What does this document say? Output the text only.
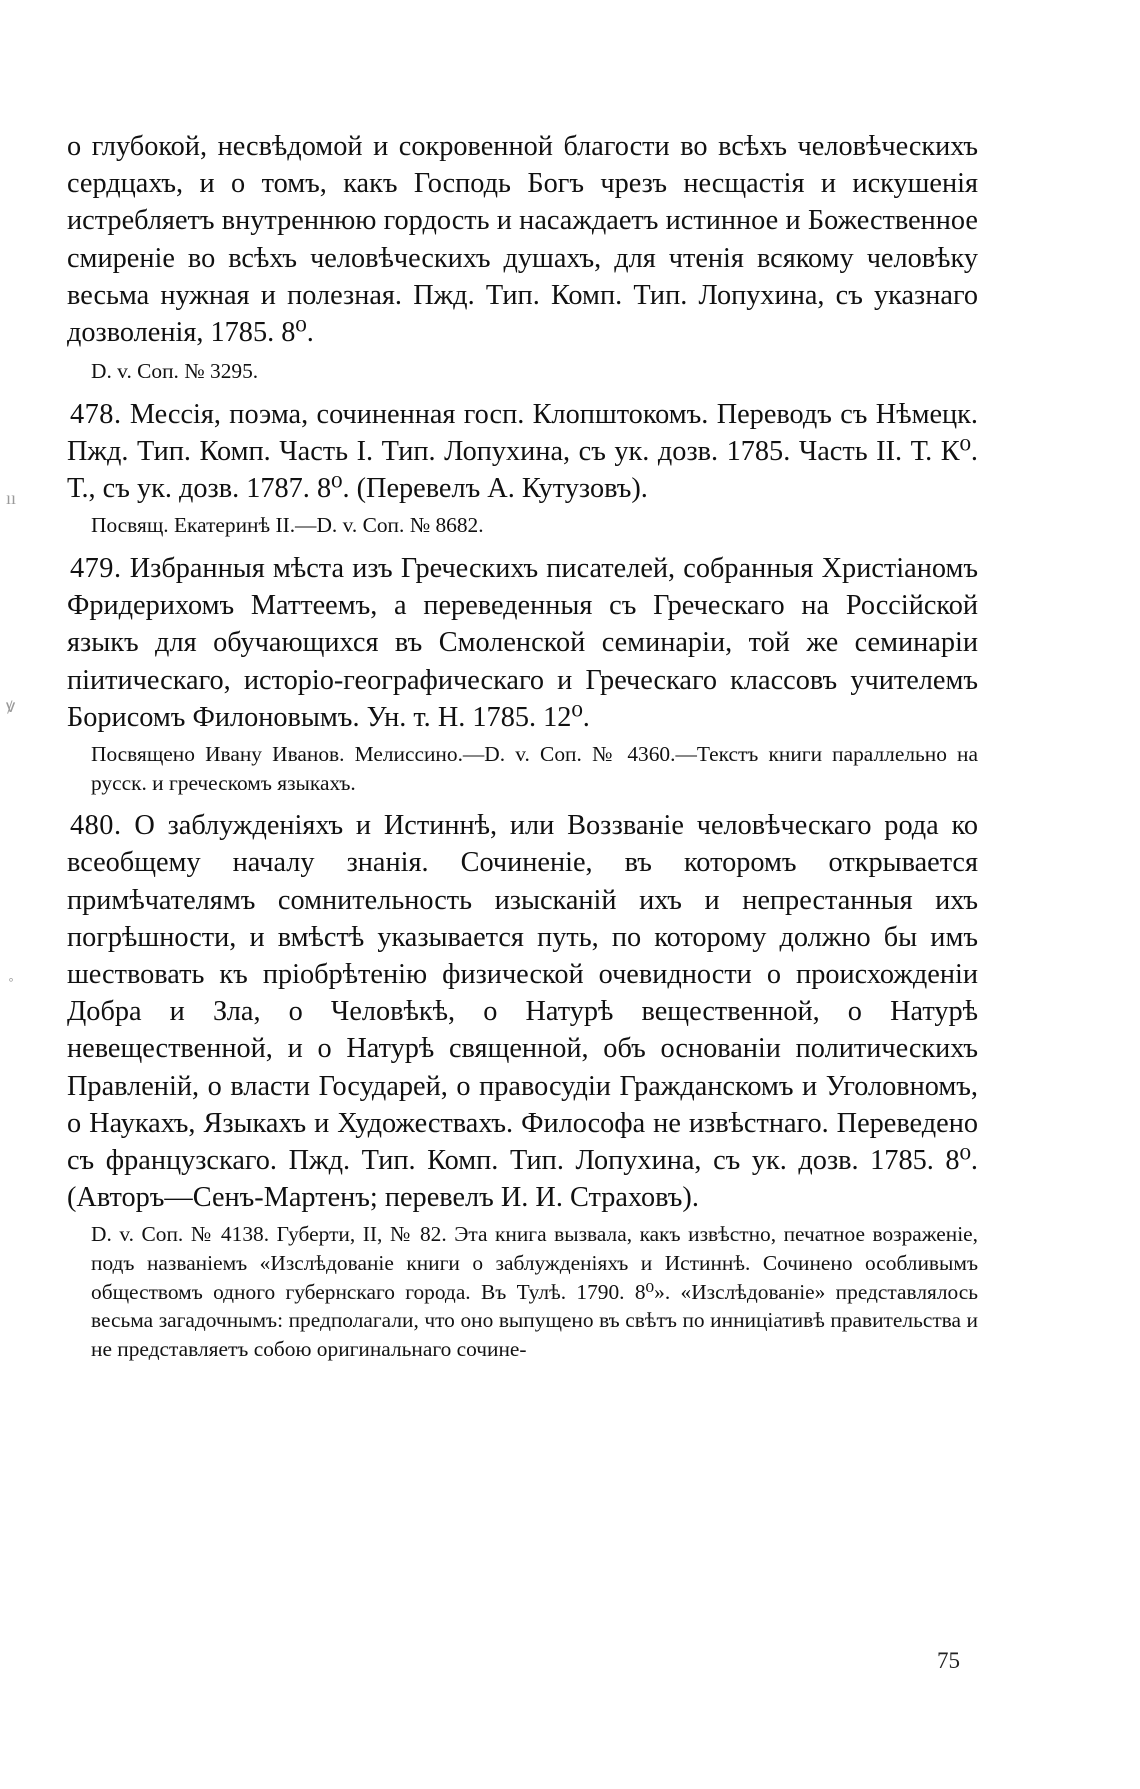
ıı
ꝟ
˳

о глубокой, несвѣдомой и сокровенной благости во всѣхъ человѣческихъ сердцахъ, и о томъ, какъ Господь Богъ чрезъ несщастія и искушенія истребляетъ внутреннюю гордость и насаждаетъ истинное и Божественное смиреніе во всѣхъ человѣческихъ душахъ, для чтенія всякому человѣку весьма нужная и полезная. Пжд. Тип. Комп. Тип. Лопухина, съ указнаго дозволенія, 1785. 8⁰.

D. v. Соп. № 3295.

478. Мессія, поэма, сочиненная госп. Клопштокомъ. Переводъ съ Нѣмецк. Пжд. Тип. Комп. Часть I. Тип. Лопухина, съ ук. дозв. 1785. Часть II. Т. К⁰. Т., съ ук. дозв. 1787. 8⁰. (Перевелъ А. Кутузовъ).

Посвящ. Екатеринѣ II.—D. v. Соп. № 8682.

479. Избранныя мѣста изъ Греческихъ писателей, собранныя Христіаномъ Фридерихомъ Маттеемъ, а переведенныя съ Греческаго на Россійской языкъ для обучающихся въ Смоленской семинаріи, той же семинаріи піитическаго, исторіо-географическаго и Греческаго классовъ учителемъ Борисомъ Филоновымъ. Ун. т. Н. 1785. 12⁰.

Посвящено Ивану Иванов. Мелиссино.—D. v. Соп. № 4360.—Текстъ книги параллельно на русск. и греческомъ языкахъ.

480. О заблужденіяхъ и Истиннѣ, или Воззваніе человѣческаго рода ко всеобщему началу знанія. Сочиненіе, въ которомъ открывается примѣчателямъ сомнительность изысканій ихъ и непрестанныя ихъ погрѣшности, и вмѣстѣ указывается путь, по которому должно бы имъ шествовать къ пріобрѣтенію физической очевидности о происхожденіи Добра и Зла, о Человѣкѣ, о Натурѣ вещественной, о Натурѣ невещественной, и о Натурѣ священной, объ основаніи политическихъ Правленій, о власти Государей, о правосудіи Гражданскомъ и Уголовномъ, о Наукахъ, Языкахъ и Художествахъ. Философа не извѣстнаго. Переведено съ французскаго. Пжд. Тип. Комп. Тип. Лопухина, съ ук. дозв. 1785. 8⁰. (Авторъ—Сенъ-Мартенъ; перевелъ И. И. Страховъ).

D. v. Соп. № 4138. Губерти, II, № 82. Эта книга вызвала, какъ извѣстно, печатное возраженіе, подъ названіемъ «Изслѣдованіе книги о заблужденіяхъ и Истиннѣ. Сочинено особливымъ обществомъ одного губернскаго города. Въ Тулѣ. 1790. 8⁰». «Изслѣдованіе» представлялось весьма загадочнымъ: предполагали, что оно выпущено въ свѣтъ по инниціативѣ правительства и не представляетъ собою оригинальнаго сочине-

75
